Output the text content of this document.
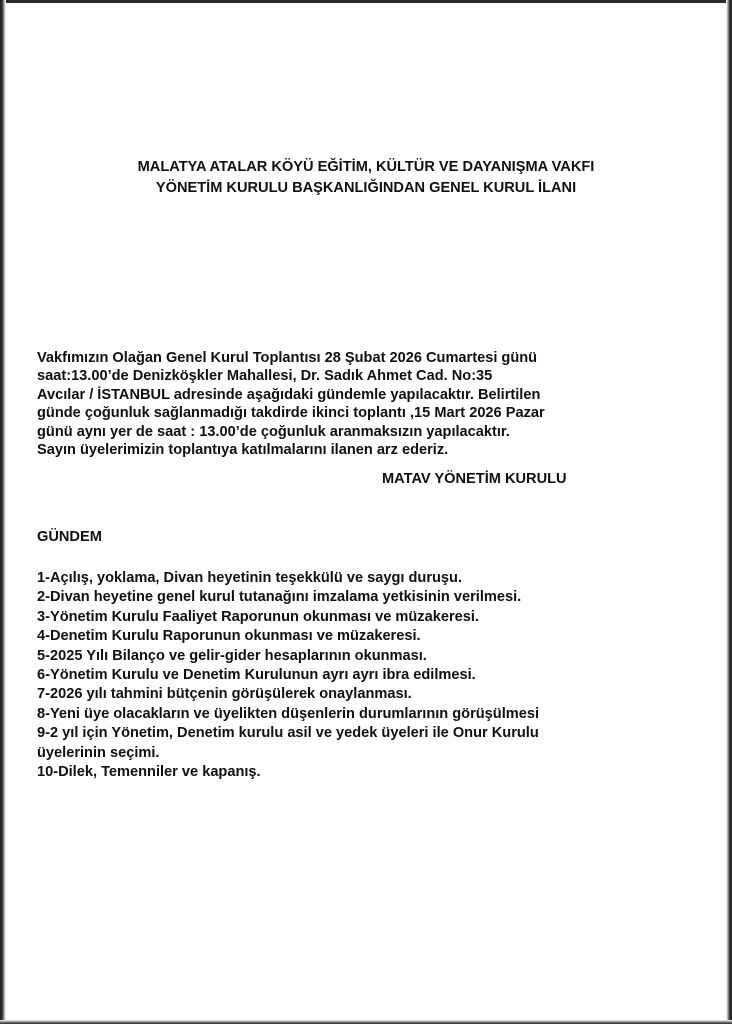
MALATYA ATALAR KÖYÜ EĞİTİM, KÜLTÜR VE DAYANIŞMA VAKFI
YÖNETİM KURULU BAŞKANLIĞINDAN GENEL KURUL İLANI
Vakfımızın Olağan Genel Kurul Toplantısı 28 Şubat 2026 Cumartesi günü
saat:13.00’de Denizköşkler Mahallesi, Dr. Sadık Ahmet Cad. No:35
Avcılar / İSTANBUL adresinde aşağıdaki gündemle yapılacaktır. Belirtilen
günde çoğunluk sağlanmadığı takdirde ikinci toplantı ,15 Mart 2026 Pazar
günü aynı yer de saat : 13.00’de çoğunluk aranmaksızın yapılacaktır.
Sayın üyelerimizin toplantıya katılmalarını ilanen arz ederiz.
MATAV YÖNETİM KURULU
GÜNDEM
1-Açılış, yoklama, Divan heyetinin teşekkülü ve saygı duruşu.
2-Divan heyetine genel kurul tutanağını imzalama yetkisinin verilmesi.
3-Yönetim Kurulu Faaliyet Raporunun okunması ve müzakeresi.
4-Denetim Kurulu Raporunun okunması ve müzakeresi.
5-2025 Yılı Bilanço ve gelir-gider hesaplarının okunması.
6-Yönetim Kurulu ve Denetim Kurulunun ayrı ayrı ibra edilmesi.
7-2026 yılı tahmini bütçenin görüşülerek onaylanması.
8-Yeni üye olacakların ve üyelikten düşenlerin durumlarının görüşülmesi
9-2 yıl için Yönetim, Denetim kurulu asil ve yedek üyeleri ile Onur Kurulu
üyelerinin seçimi.
10-Dilek, Temenniler ve kapanış.
